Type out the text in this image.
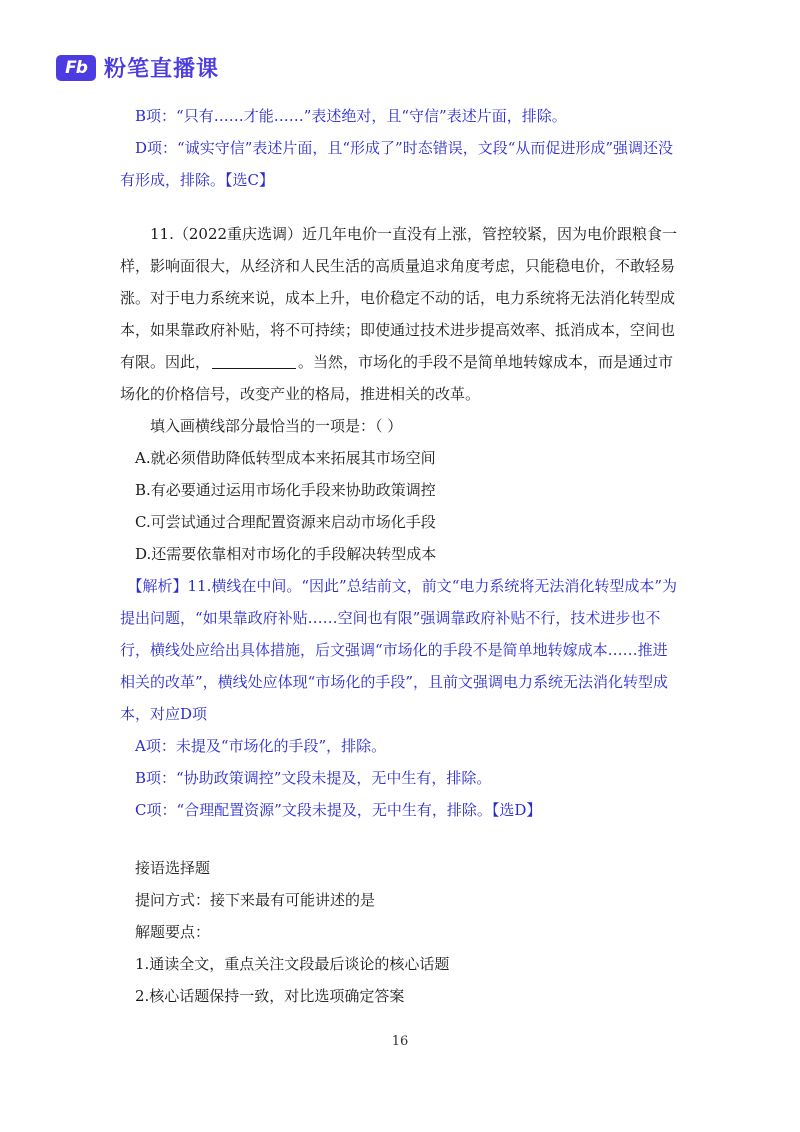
Fb 粉笔直播课

B项：“只有……才能……”表述绝对，且“守信”表述片面，排除。

D项：“诚实守信”表述片面，且“形成了”时态错误，文段“从而促进形成”强调还没有形成，排除。【选C】

11.（2022重庆选调）近几年电价一直没有上涨，管控较紧，因为电价跟粮食一样，影响面很大，从经济和人民生活的高质量追求角度考虑，只能稳电价，不敢轻易涨。对于电力系统来说，成本上升，电价稳定不动的话，电力系统将无法消化转型成本，如果靠政府补贴，将不可持续；即使通过技术进步提高效率、抵消成本，空间也有限。因此，	。当然，市场化的手段不是简单地转嫁成本，而是通过市场化的价格信号，改变产业的格局，推进相关的改革。

填入画横线部分最恰当的一项是：（ ）

A.就必须借助降低转型成本来拓展其市场空间

B.有必要通过运用市场化手段来协助政策调控

C.可尝试通过合理配置资源来启动市场化手段

D.还需要依靠相对市场化的手段解决转型成本

【解析】11.横线在中间。“因此”总结前文，前文“电力系统将无法消化转型成本”为提出问题，“如果靠政府补贴……空间也有限”强调靠政府补贴不行，技术进步也不行，横线处应给出具体措施，后文强调“市场化的手段不是简单地转嫁成本……推进相关的改革”，横线处应体现“市场化的手段”，且前文强调电力系统无法消化转型成本，对应D项

A项：未提及“市场化的手段”，排除。

B项：“协助政策调控”文段未提及，无中生有，排除。

C项：“合理配置资源”文段未提及，无中生有，排除。【选D】

接语选择题

提问方式：接下来最有可能讲述的是

解题要点：

1.通读全文，重点关注文段最后谈论的核心话题

2.核心话题保持一致，对比选项确定答案

16
